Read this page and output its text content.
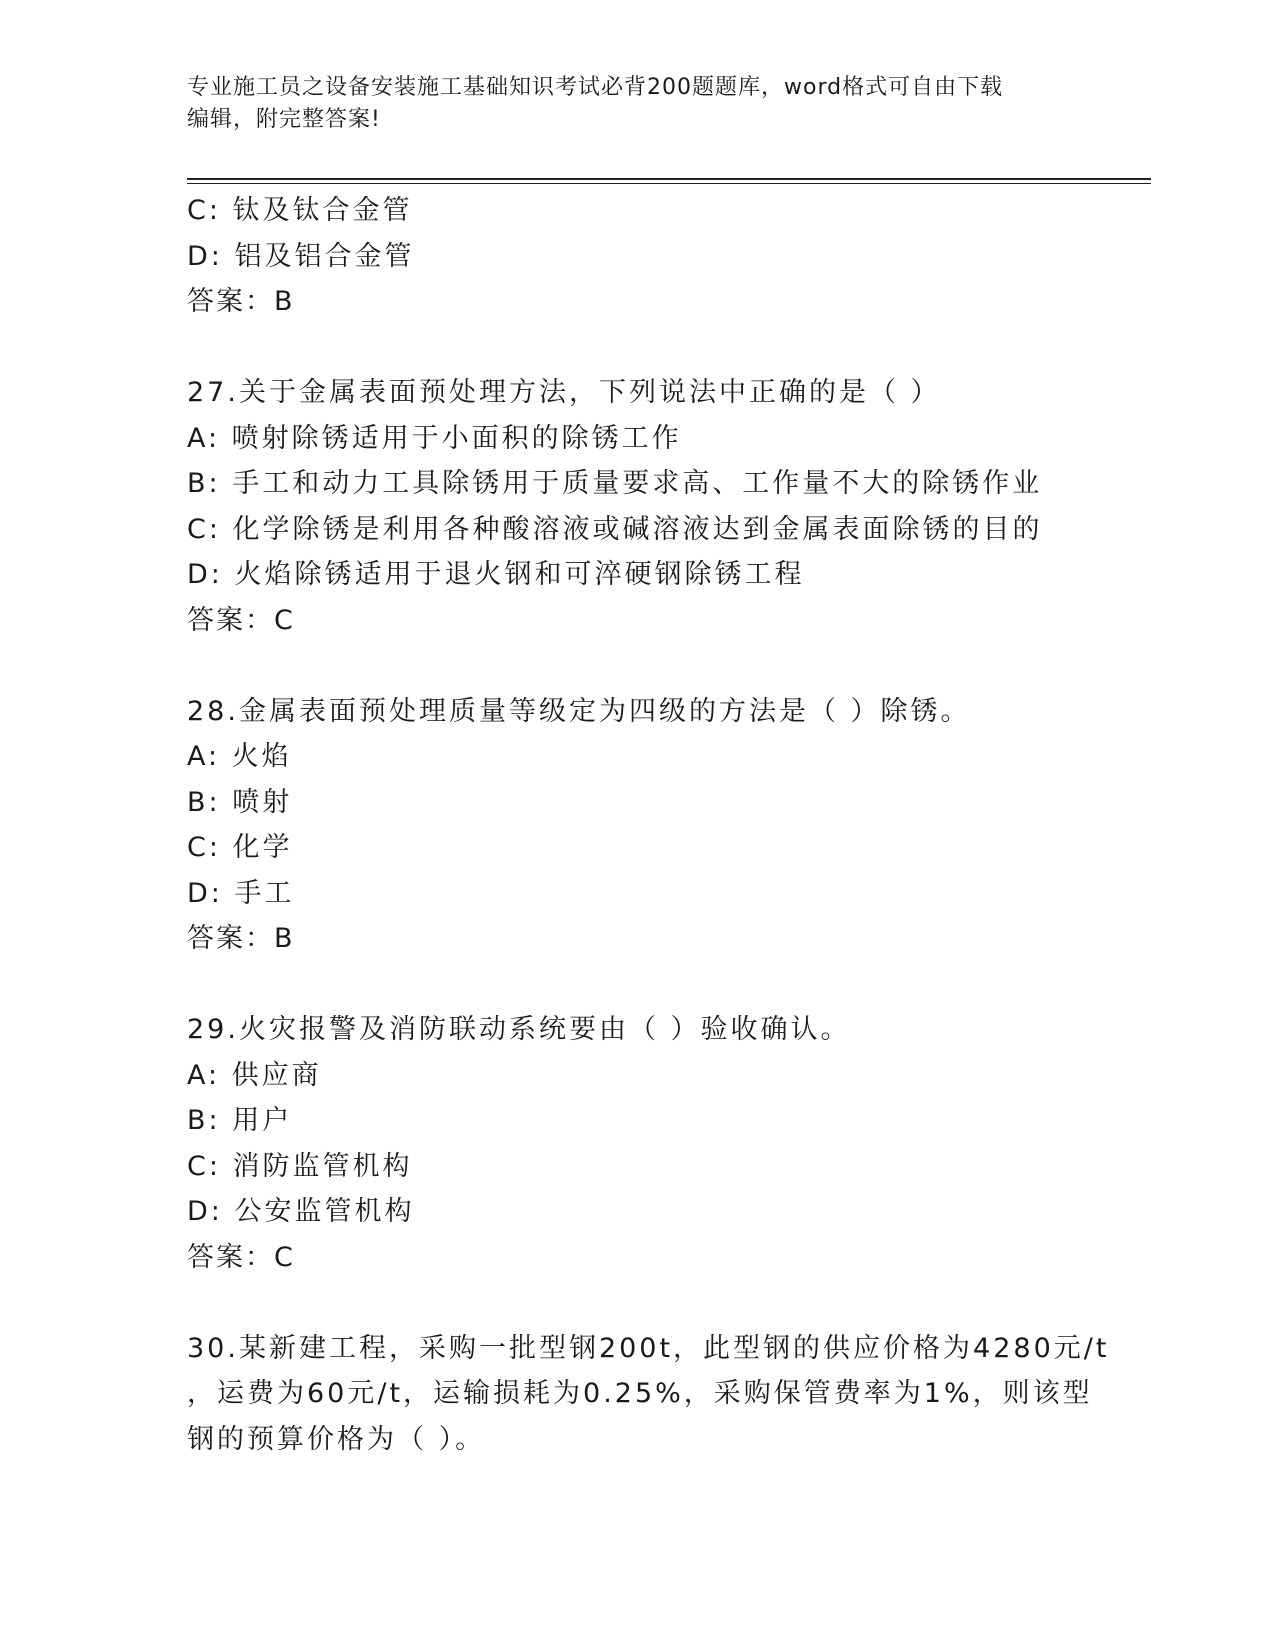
专业施工员之设备安装施工基础知识考试必背200题题库，word格式可自由下载
编辑，附完整答案!
C: 钛及钛合金管
D: 铝及铝合金管
答案：B
27.关于金属表面预处理方法，下列说法中正确的是（ ）
A: 喷射除锈适用于小面积的除锈工作
B: 手工和动力工具除锈用于质量要求高、工作量不大的除锈作业
C: 化学除锈是利用各种酸溶液或碱溶液达到金属表面除锈的目的
D: 火焰除锈适用于退火钢和可淬硬钢除锈工程
答案：C
28.金属表面预处理质量等级定为四级的方法是（ ）除锈。
A: 火焰
B: 喷射
C: 化学
D: 手工
答案：B
29.火灾报警及消防联动系统要由（ ）验收确认。
A: 供应商
B: 用户
C: 消防监管机构
D: 公安监管机构
答案：C
30.某新建工程，采购一批型钢200t，此型钢的供应价格为4280元/t
，运费为60元/t，运输损耗为0.25%，采购保管费率为1%，则该型
钢的预算价格为（ ）。
